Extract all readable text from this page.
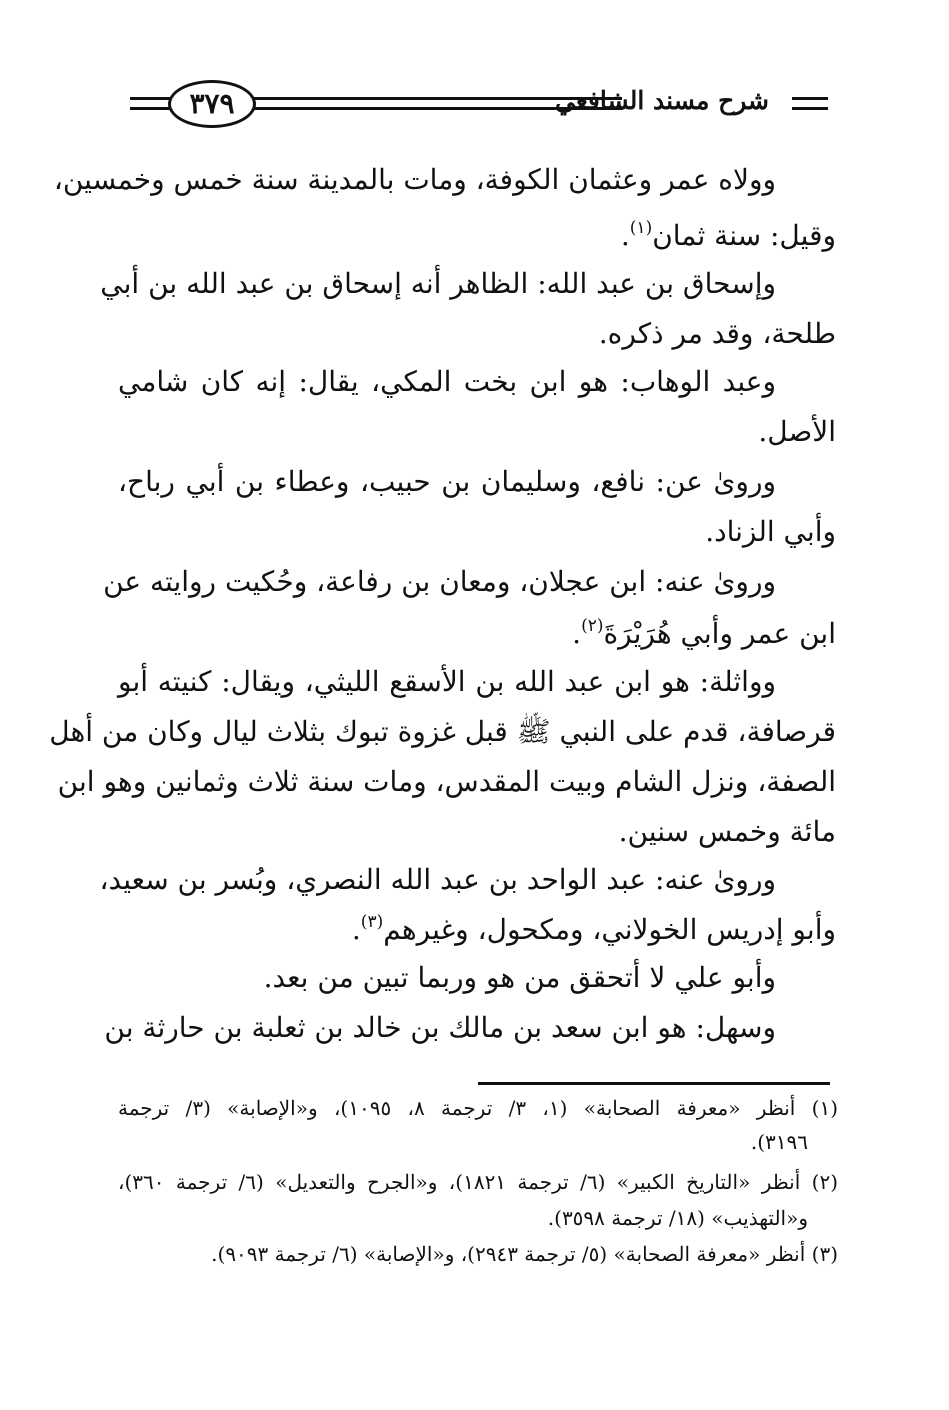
٣٧٩	شرح مسند الشافعي
وولاه عمر وعثمان الكوفة، ومات بالمدينة سنة خمس وخمسين،
وقيل: سنة ثمان$^{(١)}$.
وإسحاق بن عبد الله: الظاهر أنه إسحاق بن عبد الله بن أبي
طلحة، وقد مر ذكره.
وعبد الوهاب: هو ابن بخت المكي، يقال: إنه كان شامي
الأصل.
وروىٰ عن: نافع، وسليمان بن حبيب، وعطاء بن أبي رباح،
وأبي الزناد.
وروىٰ عنه: ابن عجلان، ومعان بن رفاعة، وحُكيت روايته عن
ابن عمر وأبي هُرَيْرَةَ$^{(٢)}$.
وواثلة: هو ابن عبد الله بن الأسقع الليثي، ويقال: كنيته أبو
قرصافة، قدم على النبي ﷺ قبل غزوة تبوك بثلاث ليال وكان من أهل
الصفة، ونزل الشام وبيت المقدس، ومات سنة ثلاث وثمانين وهو ابن
مائة وخمس سنين.
وروىٰ عنه: عبد الواحد بن عبد الله النصري، وبُسر بن سعيد،
وأبو إدريس الخولاني، ومكحول، وغيرهم$^{(٣)}$.
وأبو علي لا أتحقق من هو وربما تبين من بعد.
وسهل: هو ابن سعد بن مالك بن خالد بن ثعلبة بن حارثة بن
(١) أنظر «معرفة الصحابة» (١، ٣/ ترجمة ٨، ١٠٩٥)، و«الإصابة» (٣/ ترجمة
٣١٩٦).
(٢) أنظر «التاريخ الكبير» (٦/ ترجمة ١٨٢١)، و«الجرح والتعديل» (٦/ ترجمة ٣٦٠)،
و«التهذيب» (١٨/ ترجمة ٣٥٩٨).
(٣) أنظر «معرفة الصحابة» (٥/ ترجمة ٢٩٤٣)، و«الإصابة» (٦/ ترجمة ٩٠٩٣).
